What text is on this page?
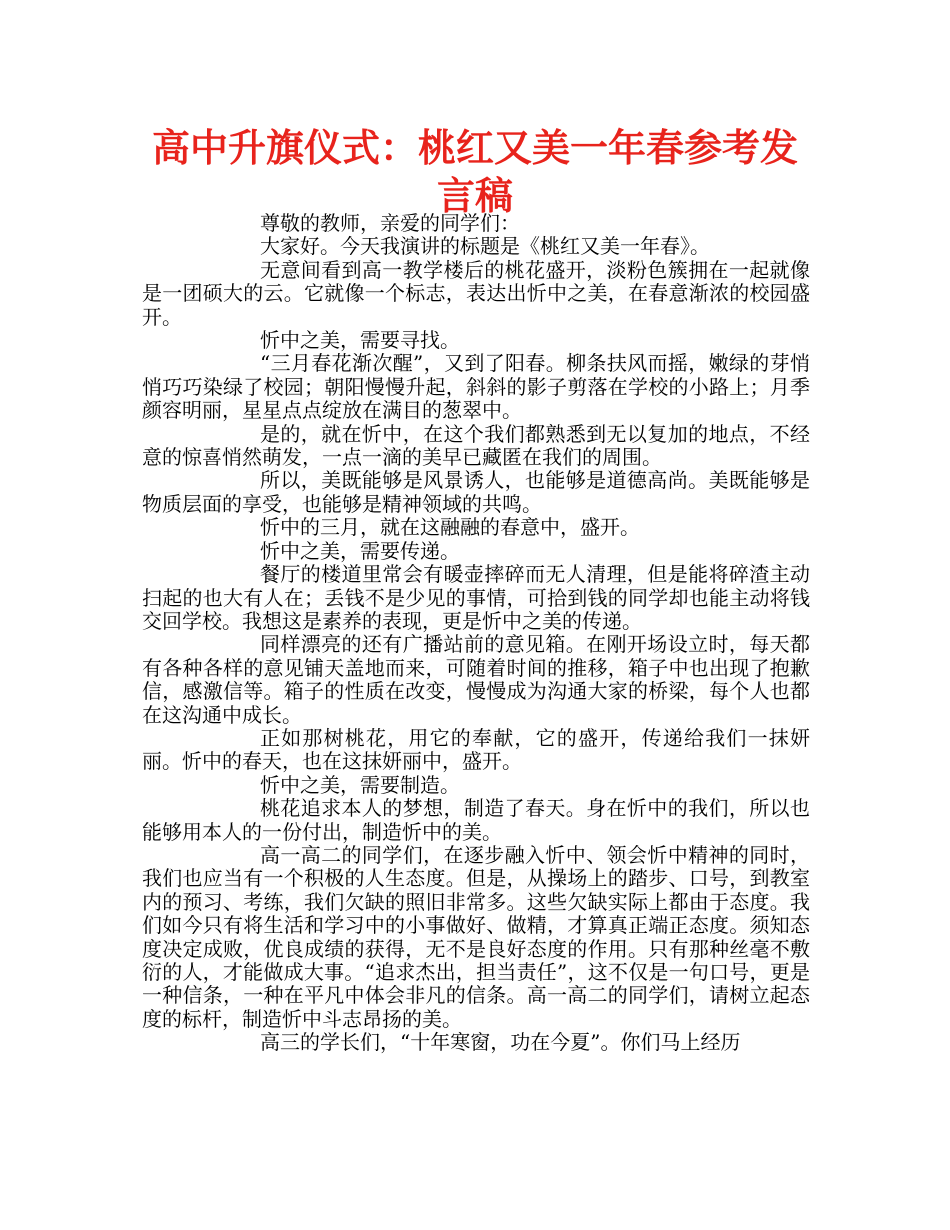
高中升旗仪式：桃红又美一年春参考发言稿

尊敬的教师，亲爱的同学们：

大家好。今天我演讲的标题是《桃红又美一年春》。

无意间看到高一教学楼后的桃花盛开，淡粉色簇拥在一起就像是一团硕大的云。它就像一个标志，表达出忻中之美，在春意渐浓的校园盛开。

忻中之美，需要寻找。

“三月春花渐次醒”，又到了阳春。柳条扶风而摇，嫩绿的芽悄悄巧巧染绿了校园；朝阳慢慢升起，斜斜的影子剪落在学校的小路上；月季颜容明丽，星星点点绽放在满目的葱翠中。

是的，就在忻中，在这个我们都熟悉到无以复加的地点，不经意的惊喜悄然萌发，一点一滴的美早已藏匿在我们的周围。

所以，美既能够是风景诱人，也能够是道德高尚。美既能够是物质层面的享受，也能够是精神领域的共鸣。

忻中的三月，就在这融融的春意中，盛开。

忻中之美，需要传递。

餐厅的楼道里常会有暖壶摔碎而无人清理，但是能将碎渣主动扫起的也大有人在；丢钱不是少见的事情，可拾到钱的同学却也能主动将钱交回学校。我想这是素养的表现，更是忻中之美的传递。

同样漂亮的还有广播站前的意见箱。在刚开场设立时，每天都有各种各样的意见铺天盖地而来，可随着时间的推移，箱子中也出现了抱歉信，感激信等。箱子的性质在改变，慢慢成为沟通大家的桥梁，每个人也都在这沟通中成长。

正如那树桃花，用它的奉献，它的盛开，传递给我们一抹妍丽。忻中的春天，也在这抹妍丽中，盛开。

忻中之美，需要制造。

桃花追求本人的梦想，制造了春天。身在忻中的我们，所以也能够用本人的一份付出，制造忻中的美。

高一高二的同学们，在逐步融入忻中、领会忻中精神的同时，我们也应当有一个积极的人生态度。但是，从操场上的踏步、口号，到教室内的预习、考练，我们欠缺的照旧非常多。这些欠缺实际上都由于态度。我们如今只有将生活和学习中的小事做好、做精，才算真正端正态度。须知态度决定成败，优良成绩的获得，无不是良好态度的作用。只有那种丝毫不敷衍的人，才能做成大事。“追求杰出，担当责任”，这不仅是一句口号，更是一种信条，一种在平凡中体会非凡的信条。高一高二的同学们，请树立起态度的标杆，制造忻中斗志昂扬的美。

高三的学长们，“十年寒窗，功在今夏”。你们马上经历
